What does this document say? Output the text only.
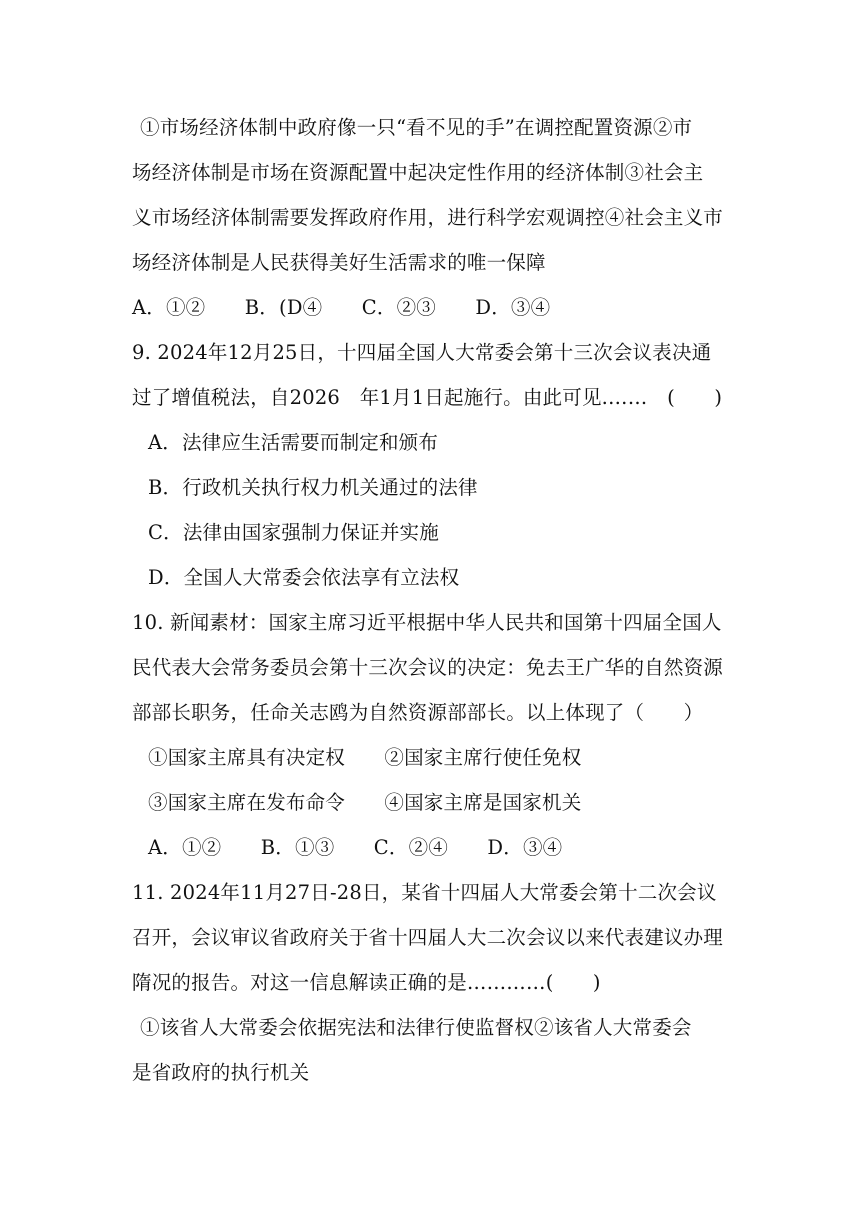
①市场经济体制中政府像一只“看不见的手”在调控配置资源②市
场经济体制是市场在资源配置中起决定性作用的经济体制③社会主
义市场经济体制需要发挥政府作用，进行科学宏观调控④社会主义市
场经济体制是人民获得美好生活需求的唯一保障
A．①②　　B．(D④　　C．②③　　D．③④
9. 2024年12月25日，十四届全国人大常委会第十三次会议表决通
过了增值税法，自2026　年1月1日起施行。由此可见.……　(　　)
A．法律应生活需要而制定和颁布
B．行政机关执行权力机关通过的法律
C．法律由国家强制力保证并实施
D．全国人大常委会依法享有立法权
10. 新闻素材：国家主席习近平根据中华人民共和国第十四届全国人
民代表大会常务委员会第十三次会议的决定：免去王广华的自然资源
部部长职务，任命关志鸥为自然资源部部长。以上体现了（　　）
①国家主席具有决定权　　②国家主席行使任免权
③国家主席在发布命令　　④国家主席是国家机关
A．①②　　B．①③　　C．②④　　D．③④
11. 2024年11月27日-28日，某省十四届人大常委会第十二次会议
召开，会议审议省政府关于省十四届人大二次会议以来代表建议办理
隋况的报告。对这一信息解读正确的是…………(　　)
①该省人大常委会依据宪法和法律行使监督权②该省人大常委会
是省政府的执行机关
